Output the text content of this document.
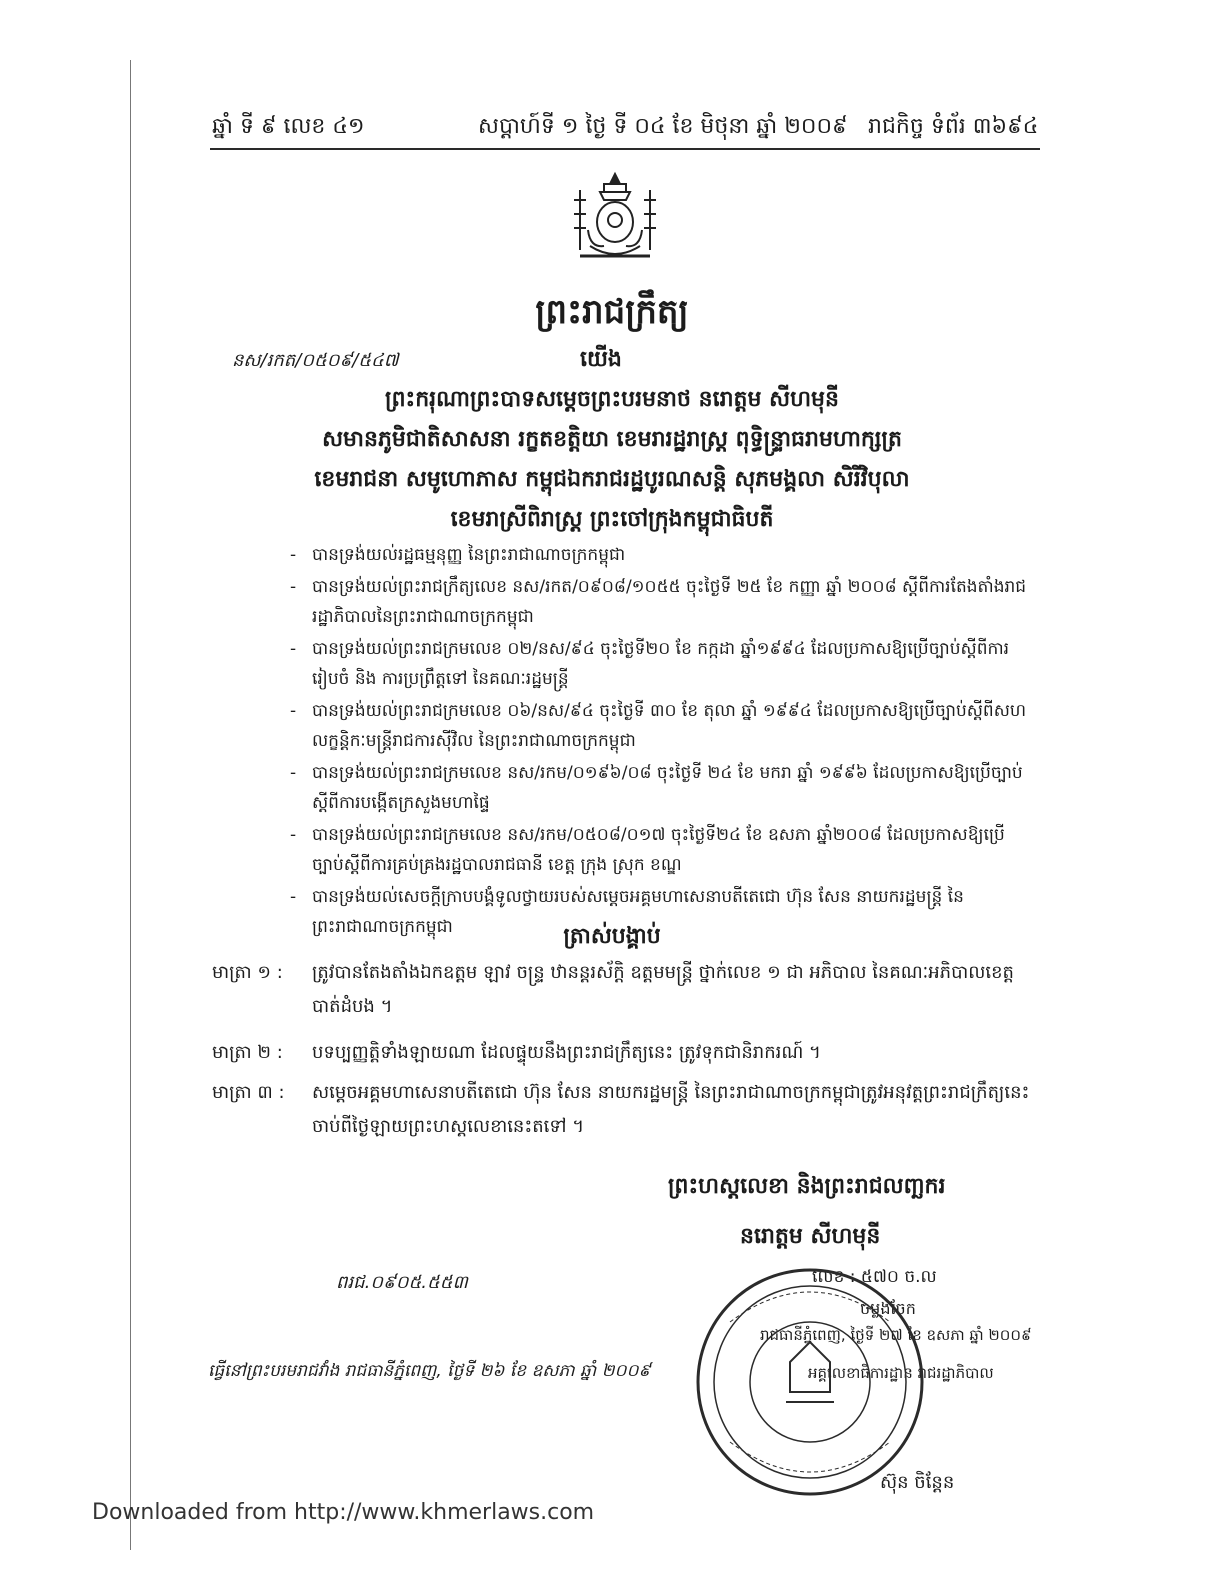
ឆ្នាំ ទី ៩ លេខ ៤១	សប្តាហ៍ទី ១ ថ្ងៃ ទី ០៤ ខែ មិថុនា ឆ្នាំ ២០០៩ រាជកិច្ច ទំព័រ ៣៦៩៤
ព្រះរាជក្រឹត្យ
នស/រកត/០៥០៩/៥៤៧	យើង
ព្រះករុណាព្រះបាទសម្តេចព្រះបរមនាថ នរោត្តម សីហមុនី
សមានភូមិជាតិសាសនា រក្ខតខត្តិយា ខេមរារដ្ឋរាស្ត្រ ពុទ្ធិន្ទ្រាធរាមហាក្សត្រ
ខេមរាជនា សមូហោភាស កម្ពុជឯករាជរដ្ឋបូរណសន្តិ សុភមង្គលា សិរីវិបុលា
ខេមរាស្រីពិរាស្ត្រ ព្រះចៅក្រុងកម្ពុជាធិបតី
- បានទ្រង់យល់រដ្ឋធម្មនុញ្ញ នៃព្រះរាជាណាចក្រកម្ពុជា
- បានទ្រង់យល់ព្រះរាជក្រឹត្យលេខ នស/រកត/០៩០៨/១០៥៥ ចុះថ្ងៃទី ២៥ ខែ កញ្ញា ឆ្នាំ ២០០៨ ស្តីពីការតែងតាំងរាជរដ្ឋាភិបាលនៃព្រះរាជាណាចក្រកម្ពុជា
- បានទ្រង់យល់ព្រះរាជក្រមលេខ ០២/នស/៩៤ ចុះថ្ងៃទី២០ ខែ កក្កដា ឆ្នាំ១៩៩៤ ដែលប្រកាសឱ្យប្រើច្បាប់ស្តីពីការរៀបចំ និង ការប្រព្រឹត្តទៅ នៃគណៈរដ្ឋមន្ត្រី
- បានទ្រង់យល់ព្រះរាជក្រមលេខ ០៦/នស/៩៤ ចុះថ្ងៃទី ៣០ ខែ តុលា ឆ្នាំ ១៩៩៤ ដែលប្រកាសឱ្យប្រើច្បាប់ស្តីពីសហលក្ខន្តិកៈមន្ត្រីរាជការស៊ីវិល នៃព្រះរាជាណាចក្រកម្ពុជា
- បានទ្រង់យល់ព្រះរាជក្រមលេខ នស/រកម/០១៩៦/០៨ ចុះថ្ងៃទី ២៤ ខែ មករា ឆ្នាំ ១៩៩៦ ដែលប្រកាសឱ្យប្រើច្បាប់ស្តីពីការបង្កើតក្រសួងមហាផ្ទៃ
- បានទ្រង់យល់ព្រះរាជក្រមលេខ នស/រកម/០៥០៨/០១៧ ចុះថ្ងៃទី២៤ ខែ ឧសភា ឆ្នាំ២០០៨ ដែលប្រកាសឱ្យប្រើច្បាប់ស្តីពីការគ្រប់គ្រងរដ្ឋបាលរាជធានី ខេត្ត ក្រុង ស្រុក ខណ្ឌ
- បានទ្រង់យល់សេចក្តីក្រាបបង្គំទូលថ្វាយរបស់សម្តេចអគ្គមហាសេនាបតីតេជោ ហ៊ុន សែន នាយករដ្ឋមន្ត្រី នៃព្រះរាជាណាចក្រកម្ពុជា	ត្រាស់បង្គាប់
មាត្រា ១ :	ត្រូវបានតែងតាំងឯកឧត្តម ឡាវ ចន្ទ្រ ឋានន្តរស័ក្តិ ឧត្តមមន្ត្រី ថ្នាក់លេខ ១ ជា អភិបាល នៃគណៈអភិបាលខេត្តបាត់ដំបង ។
មាត្រា ២ :	បទប្បញ្ញត្តិទាំងឡាយណា ដែលផ្ទុយនឹងព្រះរាជក្រឹត្យនេះ ត្រូវទុកជានិរាករណ៍ ។
មាត្រា ៣ :	សម្តេចអគ្គមហាសេនាបតីតេជោ ហ៊ុន សែន នាយករដ្ឋមន្ត្រី នៃព្រះរាជាណាចក្រកម្ពុជាត្រូវអនុវត្តព្រះរាជក្រឹត្យនេះ ចាប់ពីថ្ងៃឡាយព្រះហស្តលេខានេះតទៅ ។
ព្រះហស្តលេខា និងព្រះរាជលញ្ឆករ
នរោត្តម សីហមុនី
ពរជ.០៩០៥.៥៥៣	លេខ : ៥៧០ ច.ល
ចម្លងចែក
រាជធានីភ្នំពេញ, ថ្ងៃទី ២៧ ខែ ឧសភា ឆ្នាំ ២០០៩
ធ្វើនៅព្រះបរមរាជវាំង រាជធានីភ្នំពេញ, ថ្ងៃទី ២៦ ខែ ឧសភា ឆ្នាំ ២០០៩	អគ្គលេខាធិការដ្ឋាន រាជរដ្ឋាភិបាល
ស៊ុន ចិន្តែន
Downloaded from http://www.khmerlaws.com
